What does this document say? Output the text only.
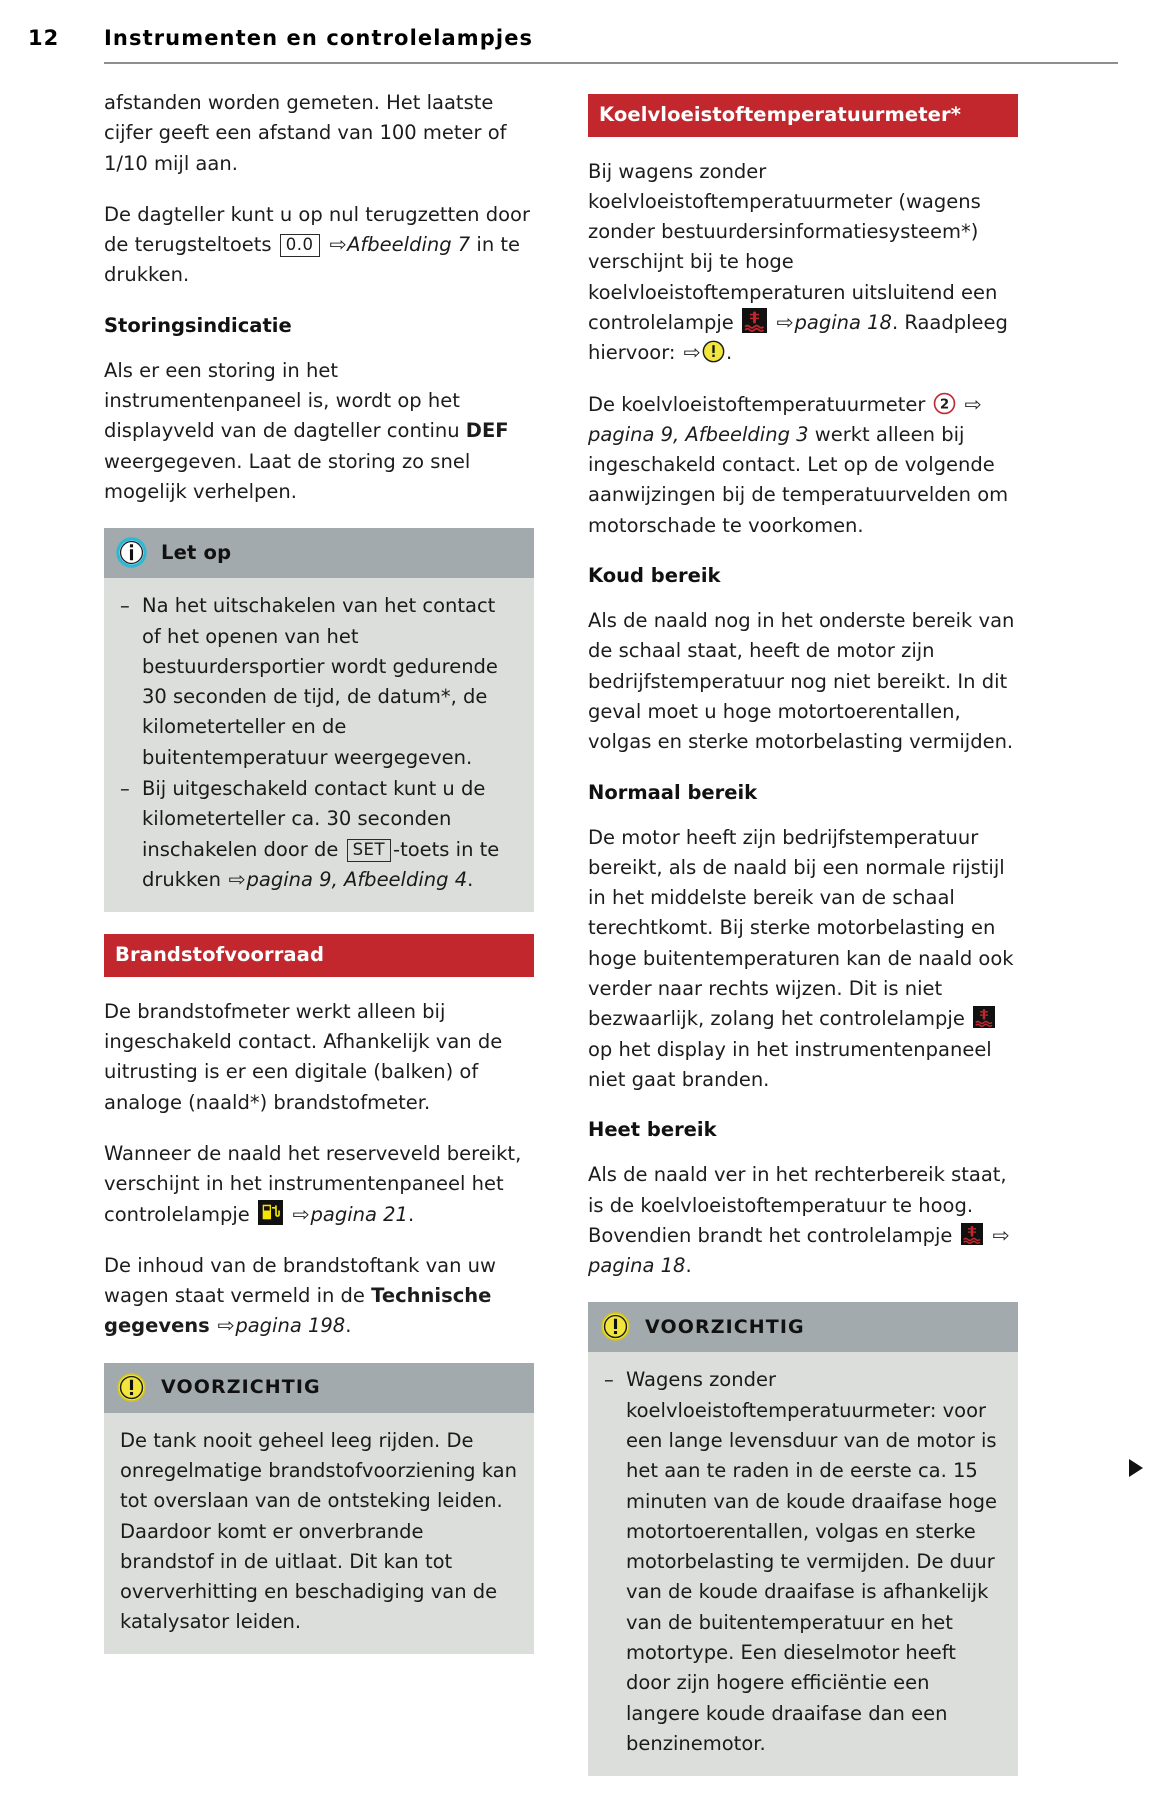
12 Instrumenten en controlelampjes

afstanden worden gemeten. Het laatste cijfer geeft een afstand van 100 meter of 1/10 mijl aan.

De dagteller kunt u op nul terugzetten door de terugsteltoets 0.0 ⇨Afbeelding 7 in te drukken.

Storingsindicatie

Als er een storing in het instrumentenpaneel is, wordt op het displayveld van de dagteller continu DEF weergegeven. Laat de storing zo snel mogelijk verhelpen.

Let op
– Na het uitschakelen van het contact of het openen van het bestuurdersportier wordt gedurende 30 seconden de tijd, de datum*, de kilometerteller en de buitentemperatuur weergegeven.
– Bij uitgeschakeld contact kunt u de kilometerteller ca. 30 seconden inschakelen door de SET -toets in te drukken ⇨pagina 9, Afbeelding 4.
Brandstofvoorraad

De brandstofmeter werkt alleen bij ingeschakeld contact. Afhankelijk van de uitrusting is er een digitale (balken) of analoge (naald*) brandstofmeter.

Wanneer de naald het reserveveld bereikt, verschijnt in het instrumentenpaneel het controlelampje  ⇨pagina 21.

De inhoud van de brandstoftank van uw wagen staat vermeld in de Technische gegevens ⇨pagina 198.

VOORZICHTIG

De tank nooit geheel leeg rijden. De onregelmatige brandstofvoorziening kan tot overslaan van de ontsteking leiden. Daardoor komt er onverbrande brandstof in de uitlaat. Dit kan tot oververhitting en beschadiging van de katalysator leiden.

Koelvloeistoftemperatuurmeter*

Bij wagens zonder koelvloeistoftemperatuurmeter (wagens zonder bestuurdersinformatiesysteem*) verschijnt bij te hoge koelvloeistoftemperaturen uitsluitend een controlelampje  ⇨pagina 18. Raadpleeg hiervoor: ⇨ .

De koelvloeistoftemperatuurmeter 2 ⇨pagina 9, Afbeelding 3 werkt alleen bij ingeschakeld contact. Let op de volgende aanwijzingen bij de temperatuurvelden om motorschade te voorkomen.

Koud bereik

Als de naald nog in het onderste bereik van de schaal staat, heeft de motor zijn bedrijfstemperatuur nog niet bereikt. In dit geval moet u hoge motortoerentallen, volgas en sterke motorbelasting vermijden.

Normaal bereik

De motor heeft zijn bedrijfstemperatuur bereikt, als de naald bij een normale rijstijl in het middelste bereik van de schaal terechtkomt. Bij sterke motorbelasting en hoge buitentemperaturen kan de naald ook verder naar rechts wijzen. Dit is niet bezwaarlijk, zolang het controlelampje  op het display in het instrumentenpaneel niet gaat branden.

Heet bereik

Als de naald ver in het rechterbereik staat, is de koelvloeistoftemperatuur te hoog. Bovendien brandt het controlelampje  ⇨pagina 18.

VOORZICHTIG
– Wagens zonder koelvloeistoftemperatuurmeter: voor een lange levensduur van de motor is het aan te raden in de eerste ca. 15 minuten van de koude draaifase hoge motortoerentallen, volgas en sterke motorbelasting te vermijden. De duur van de koude draaifase is afhankelijk van de buitentemperatuur en het motortype. Een dieselmotor heeft door zijn hogere efficiëntie een langere koude draaifase dan een benzinemotor.
